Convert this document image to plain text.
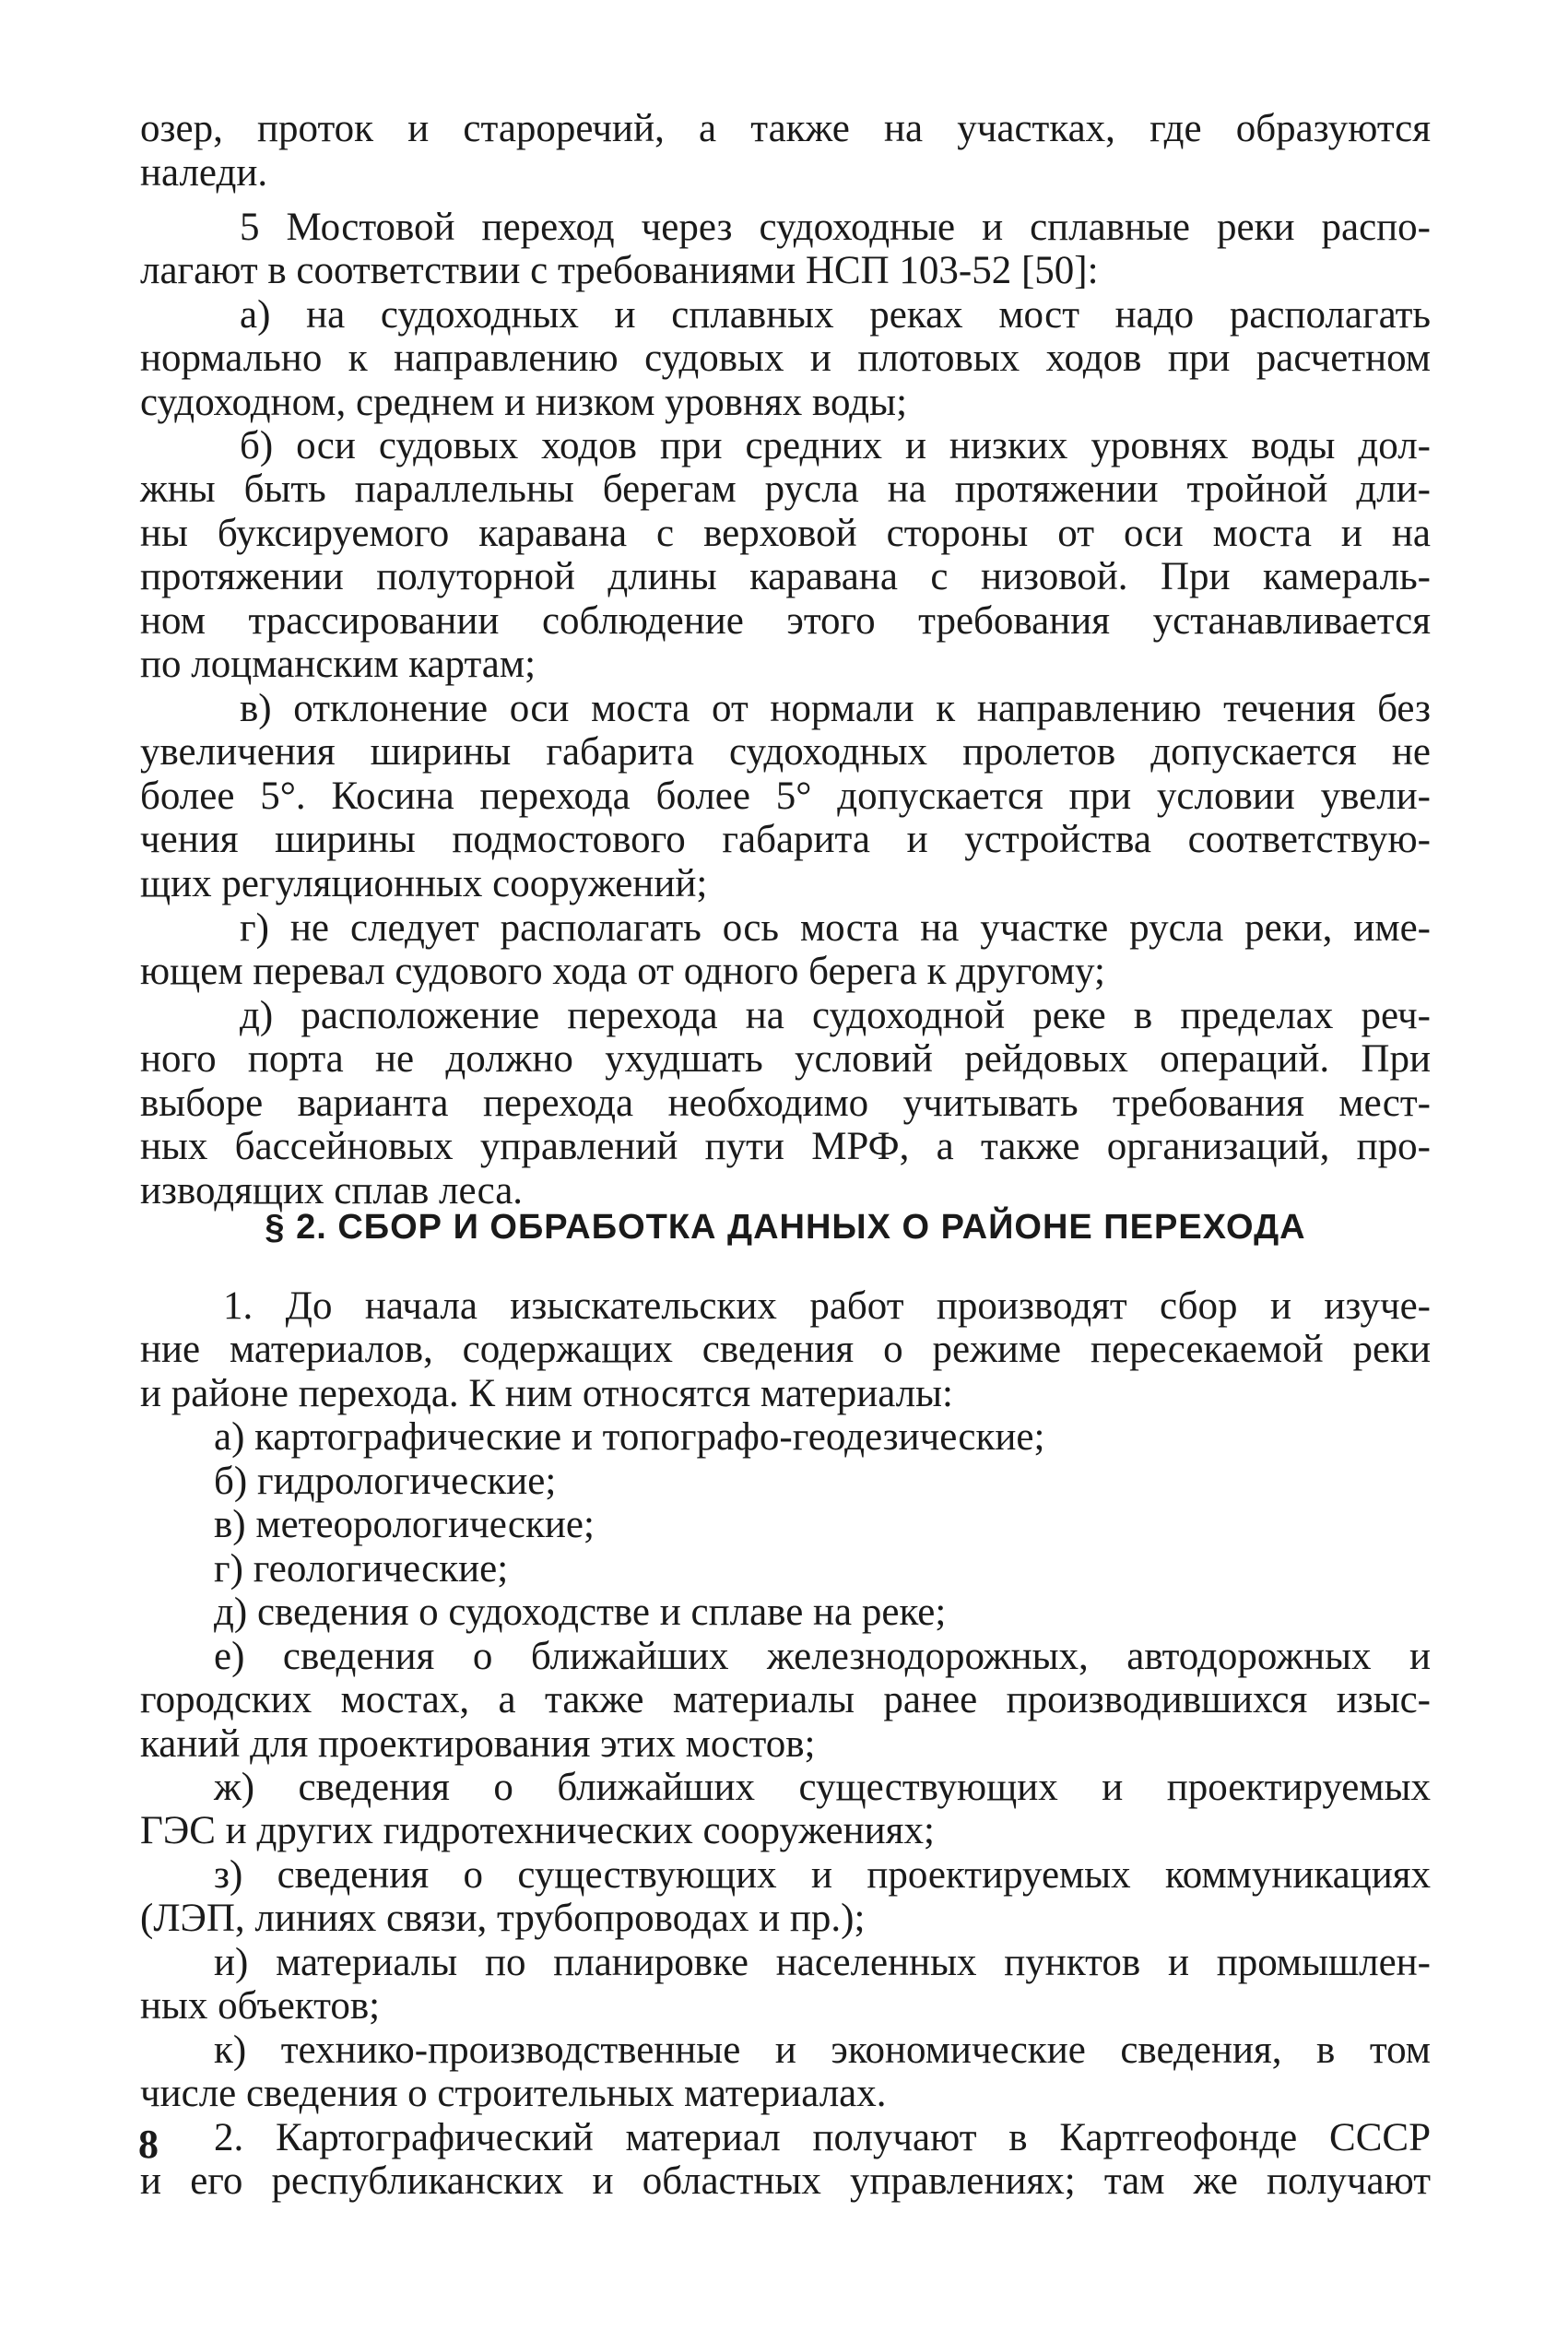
озер, проток и староречий, а также на участках, где образуются
наледи.
5 Мостовой переход через судоходные и сплавные реки распо-
лагают в соответствии с требованиями НСП 103-52 [50]:
а) на судоходных и сплавных реках мост надо располагать
нормально к направлению судовых и плотовых ходов при расчетном
судоходном, среднем и низком уровнях воды;
б) оси судовых ходов при средних и низких уровнях воды дол-
жны быть параллельны берегам русла на протяжении тройной дли-
ны буксируемого каравана с верховой стороны от оси моста и на
протяжении полуторной длины каравана с низовой. При камераль-
ном трассировании соблюдение этого требования устанавливается
по лоцманским картам;
в) отклонение оси моста от нормали к направлению течения без
увеличения ширины габарита судоходных пролетов допускается не
более 5°. Косина перехода более 5° допускается при условии увели-
чения ширины подмостового габарита и устройства соответствую-
щих регуляционных сооружений;
г) не следует располагать ось моста на участке русла реки, име-
ющем перевал судового хода от одного берега к другому;
д) расположение перехода на судоходной реке в пределах реч-
ного порта не должно ухудшать условий рейдовых операций. При
выборе варианта перехода необходимо учитывать требования мест-
ных бассейновых управлений пути МРФ, а также организаций, про-
изводящих сплав леса.
§ 2. СБОР И ОБРАБОТКА ДАННЫХ О РАЙОНЕ ПЕРЕХОДА
1. До начала изыскательских работ производят сбор и изуче-
ние материалов, содержащих сведения о режиме пересекаемой реки
и районе перехода. К ним относятся материалы:
а) картографические и топографо-геодезические;
б) гидрологические;
в) метеорологические;
г) геологические;
д) сведения о судоходстве и сплаве на реке;
е) сведения о ближайших железнодорожных, автодорожных и
городских мостах, а также материалы ранее производившихся изыс-
каний для проектирования этих мостов;
ж) сведения о ближайших существующих и проектируемых
ГЭС и других гидротехнических сооружениях;
з) сведения о существующих и проектируемых коммуникациях
(ЛЭП, линиях связи, трубопроводах и пр.);
и) материалы по планировке населенных пунктов и промышлен-
ных объектов;
к) технико-производственные и экономические сведения, в том
числе сведения о строительных материалах.
2. Картографический материал получают в Картгеофонде СССР
и его республиканских и областных управлениях; там же получают
8
